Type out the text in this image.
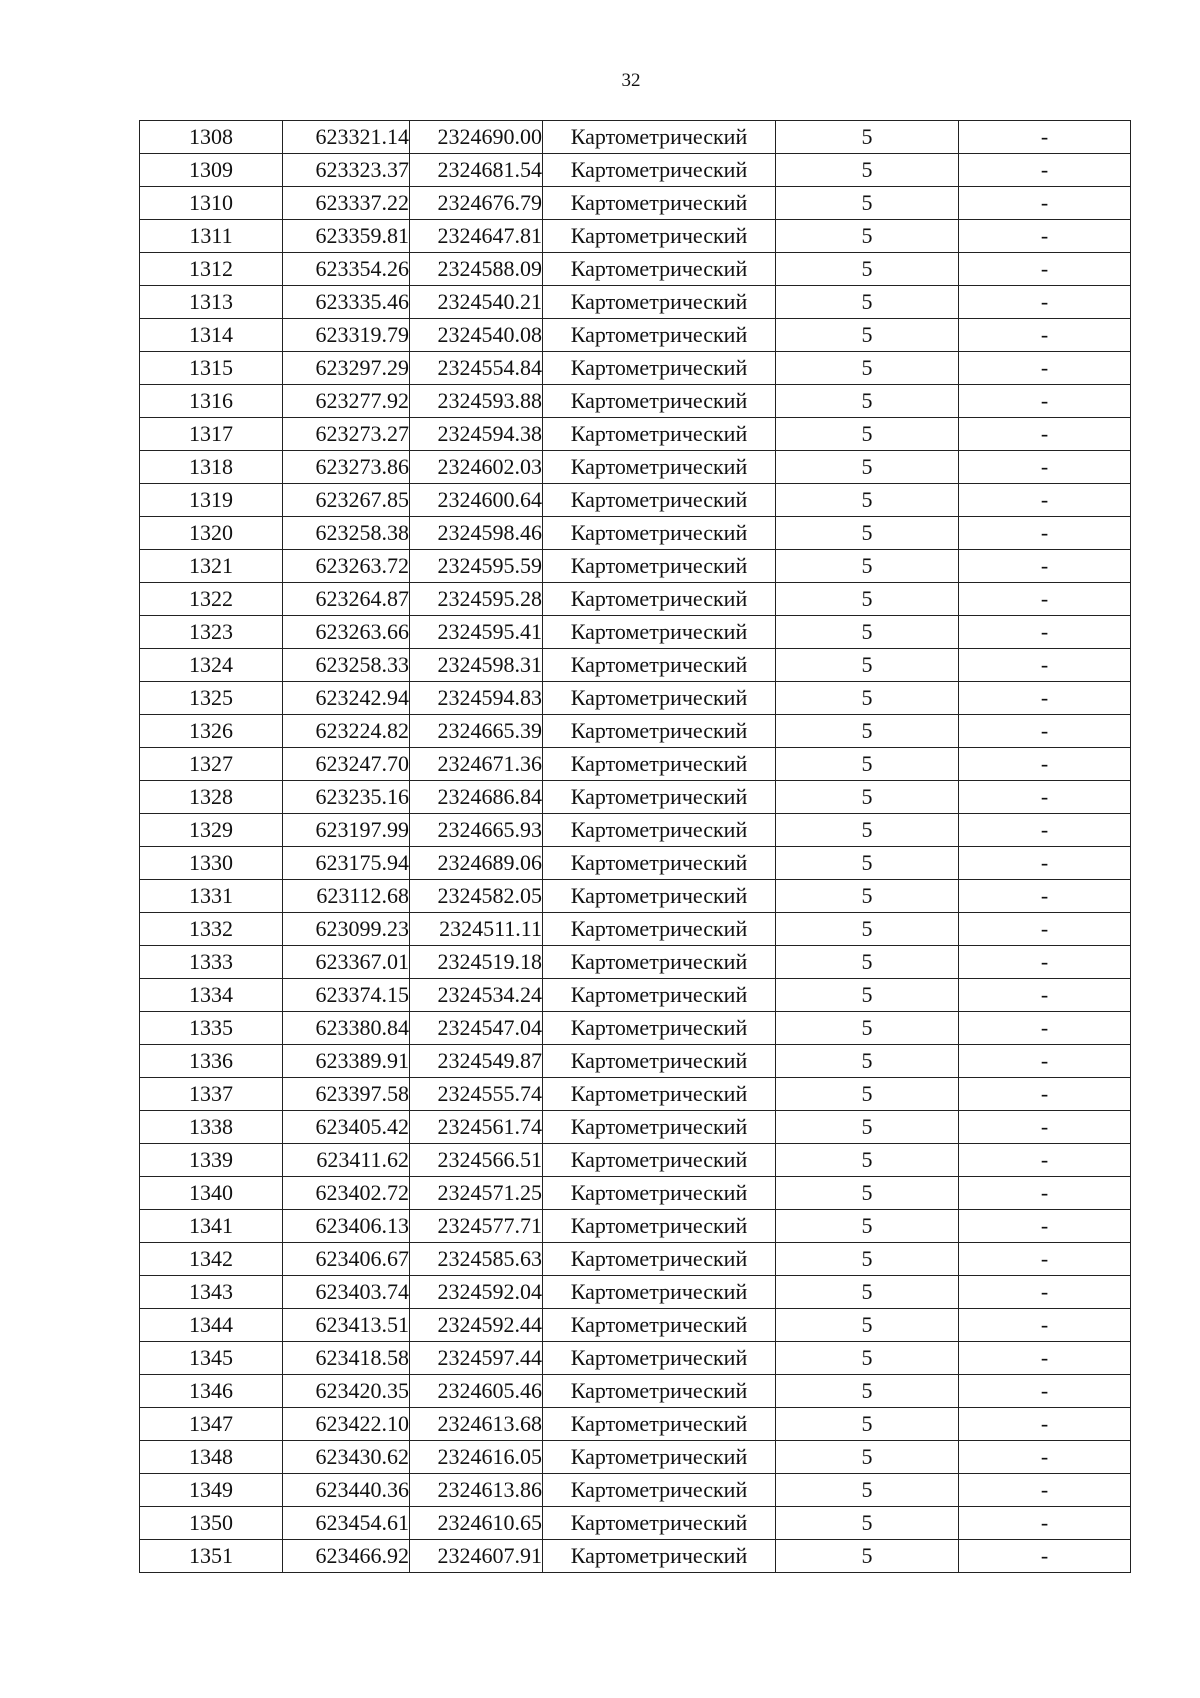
32
1308	623321.14	2324690.00	Картометрический	5	-
1309	623323.37	2324681.54	Картометрический	5	-
1310	623337.22	2324676.79	Картометрический	5	-
1311	623359.81	2324647.81	Картометрический	5	-
1312	623354.26	2324588.09	Картометрический	5	-
1313	623335.46	2324540.21	Картометрический	5	-
1314	623319.79	2324540.08	Картометрический	5	-
1315	623297.29	2324554.84	Картометрический	5	-
1316	623277.92	2324593.88	Картометрический	5	-
1317	623273.27	2324594.38	Картометрический	5	-
1318	623273.86	2324602.03	Картометрический	5	-
1319	623267.85	2324600.64	Картометрический	5	-
1320	623258.38	2324598.46	Картометрический	5	-
1321	623263.72	2324595.59	Картометрический	5	-
1322	623264.87	2324595.28	Картометрический	5	-
1323	623263.66	2324595.41	Картометрический	5	-
1324	623258.33	2324598.31	Картометрический	5	-
1325	623242.94	2324594.83	Картометрический	5	-
1326	623224.82	2324665.39	Картометрический	5	-
1327	623247.70	2324671.36	Картометрический	5	-
1328	623235.16	2324686.84	Картометрический	5	-
1329	623197.99	2324665.93	Картометрический	5	-
1330	623175.94	2324689.06	Картометрический	5	-
1331	623112.68	2324582.05	Картометрический	5	-
1332	623099.23	2324511.11	Картометрический	5	-
1333	623367.01	2324519.18	Картометрический	5	-
1334	623374.15	2324534.24	Картометрический	5	-
1335	623380.84	2324547.04	Картометрический	5	-
1336	623389.91	2324549.87	Картометрический	5	-
1337	623397.58	2324555.74	Картометрический	5	-
1338	623405.42	2324561.74	Картометрический	5	-
1339	623411.62	2324566.51	Картометрический	5	-
1340	623402.72	2324571.25	Картометрический	5	-
1341	623406.13	2324577.71	Картометрический	5	-
1342	623406.67	2324585.63	Картометрический	5	-
1343	623403.74	2324592.04	Картометрический	5	-
1344	623413.51	2324592.44	Картометрический	5	-
1345	623418.58	2324597.44	Картометрический	5	-
1346	623420.35	2324605.46	Картометрический	5	-
1347	623422.10	2324613.68	Картометрический	5	-
1348	623430.62	2324616.05	Картометрический	5	-
1349	623440.36	2324613.86	Картометрический	5	-
1350	623454.61	2324610.65	Картометрический	5	-
1351	623466.92	2324607.91	Картометрический	5	-
